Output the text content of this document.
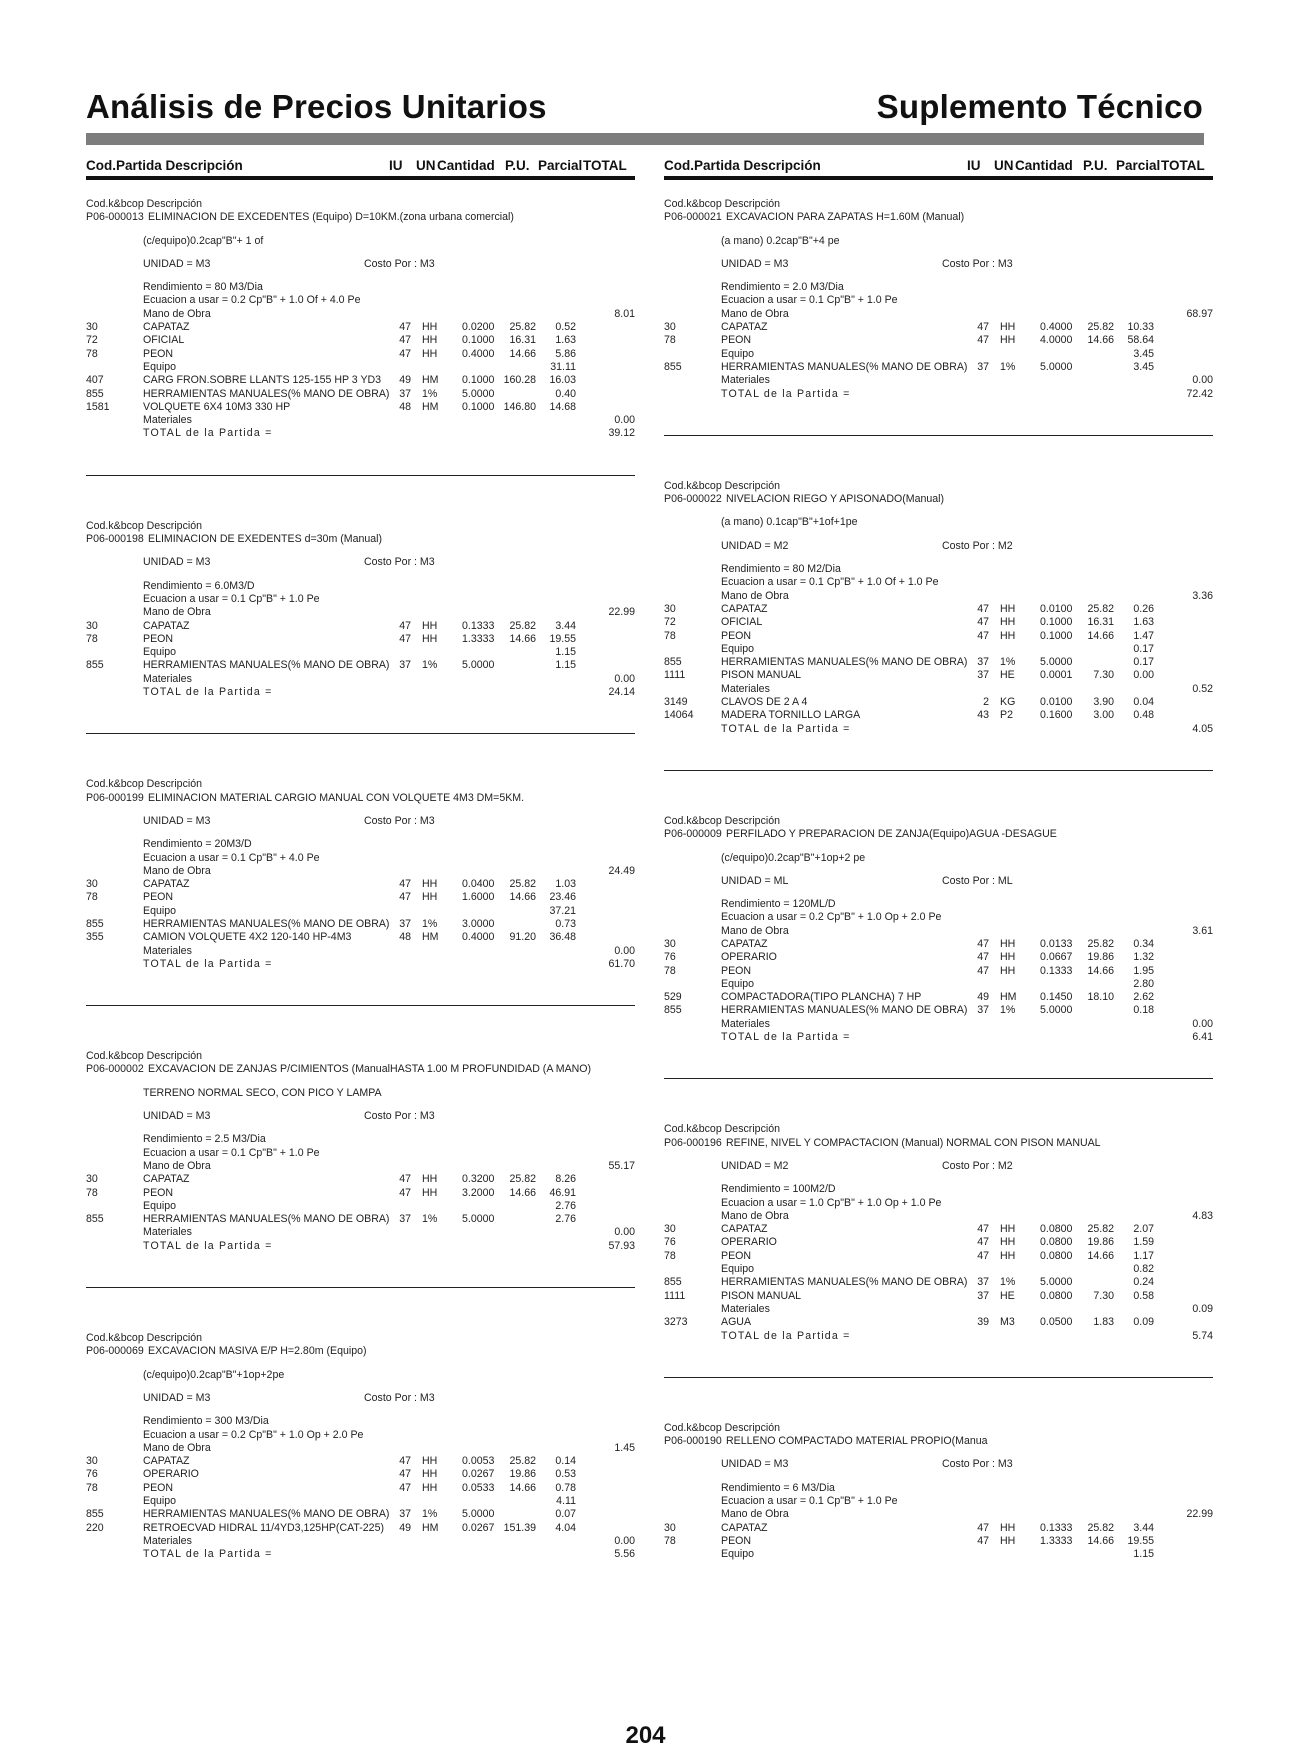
Análisis de Precios Unitarios	Suplemento Técnico
Cod.Partida Descripción	IU UN Cantidad P.U. Parcial TOTAL
Cod.k&bcop Descripción
P06-000013 ELIMINACION DE EXCEDENTES (Equipo) D=10KM.(zona urbana comercial)
(c/equipo)0.2cap"B"+ 1 of
UNIDAD = M3	Costo Por : M3
Rendimiento = 80 M3/Dia
Ecuacion a usar = 0.2 Cp"B" + 1.0 Of + 4.0 Pe
Mano de Obra	8.01
30	CAPATAZ	47 HH 0.0200	25.82	0.52
72	OFICIAL	47 HH 0.1000	16.31	1.63
78	PEON	47 HH 0.4000	14.66	5.86
Equipo	31.11
407	CARG FRON.SOBRE LLANTS 125-155 HP 3 YD3	49 HM 0.1000 160.28	16.03
855	HERRAMIENTAS MANUALES(% MANO DE OBRA) 37 1% 5.0000	0.40
1581	VOLQUETE 6X4 10M3 330 HP	48 HM 0.1000 146.80	14.68
Materiales	0.00
TOTAL de la Partida =	39.12
Cod.k&bcop Descripción
P06-000198 ELIMINACION DE EXEDENTES d=30m (Manual)
UNIDAD = M3	Costo Por : M3
Rendimiento = 6.0M3/D
Ecuacion a usar = 0.1 Cp"B" + 1.0 Pe
Mano de Obra	22.99
30	CAPATAZ	47 HH 0.1333	25.82	3.44
78	PEON	47 HH 1.3333	14.66	19.55
Equipo	1.15
855	HERRAMIENTAS MANUALES(% MANO DE OBRA) 37 1% 5.0000	1.15
Materiales	0.00
TOTAL de la Partida =	24.14
Cod.k&bcop Descripción
P06-000199 ELIMINACION MATERIAL CARGIO MANUAL CON VOLQUETE 4M3 DM=5KM.
UNIDAD = M3	Costo Por : M3
Rendimiento = 20M3/D
Ecuacion a usar = 0.1 Cp"B" + 4.0 Pe
Mano de Obra	24.49
30	CAPATAZ	47 HH 0.0400	25.82	1.03
78	PEON	47 HH 1.6000	14.66	23.46
Equipo	37.21
855	HERRAMIENTAS MANUALES(% MANO DE OBRA) 37 1% 3.0000	0.73
355	CAMION VOLQUETE 4X2 120-140 HP-4M3	48 HM 0.4000	91.20	36.48
Materiales	0.00
TOTAL de la Partida =	61.70
Cod.k&bcop Descripción
P06-000002 EXCAVACION DE ZANJAS P/CIMIENTOS (ManualHASTA 1.00 M PROFUNDIDAD (A MANO)
TERRENO NORMAL SECO, CON PICO Y LAMPA
UNIDAD = M3	Costo Por : M3
Rendimiento = 2.5 M3/Dia
Ecuacion a usar = 0.1 Cp"B" + 1.0 Pe
Mano de Obra	55.17
30	CAPATAZ	47 HH 0.3200	25.82	8.26
78	PEON	47 HH 3.2000	14.66	46.91
Equipo	2.76
855	HERRAMIENTAS MANUALES(% MANO DE OBRA) 37 1% 5.0000	2.76
Materiales	0.00
TOTAL de la Partida =	57.93
Cod.k&bcop Descripción
P06-000069 EXCAVACION MASIVA E/P H=2.80m (Equipo)
(c/equipo)0.2cap"B"+1op+2pe
UNIDAD = M3	Costo Por : M3
Rendimiento = 300 M3/Dia
Ecuacion a usar = 0.2 Cp"B" + 1.0 Op + 2.0 Pe
Mano de Obra	1.45
30	CAPATAZ	47 HH 0.0053	25.82	0.14
76	OPERARIO	47 HH 0.0267	19.86	0.53
78	PEON	47 HH 0.0533	14.66	0.78
Equipo	4.11
855	HERRAMIENTAS MANUALES(% MANO DE OBRA) 37 1% 5.0000	0.07
220	RETROECVAD HIDRAL 11/4YD3,125HP(CAT-225)	49 HM 0.0267 151.39	4.04
Materiales	0.00
TOTAL de la Partida =	5.56
Cod.Partida Descripción	IU UN Cantidad P.U. Parcial TOTAL
Cod.k&bcop Descripción
P06-000021 EXCAVACION PARA ZAPATAS H=1.60M (Manual)
(a mano) 0.2cap"B"+4 pe
UNIDAD = M3	Costo Por : M3
Rendimiento = 2.0 M3/Dia
Ecuacion a usar = 0.1 Cp"B" + 1.0 Pe
Mano de Obra	68.97
30	CAPATAZ	47 HH 0.4000	25.82	10.33
78	PEON	47 HH 4.0000	14.66	58.64
Equipo	3.45
855	HERRAMIENTAS MANUALES(% MANO DE OBRA) 37 1% 5.0000	3.45
Materiales	0.00
TOTAL de la Partida =	72.42
Cod.k&bcop Descripción
P06-000022 NIVELACION RIEGO Y APISONADO(Manual)
(a mano) 0.1cap"B"+1of+1pe
UNIDAD = M2	Costo Por : M2
Rendimiento = 80 M2/Dia
Ecuacion a usar = 0.1 Cp"B" + 1.0 Of + 1.0 Pe
Mano de Obra	3.36
30	CAPATAZ	47 HH 0.0100	25.82	0.26
72	OFICIAL	47 HH 0.1000	16.31	1.63
78	PEON	47 HH 0.1000	14.66	1.47
Equipo	0.17
855	HERRAMIENTAS MANUALES(% MANO DE OBRA) 37 1% 5.0000	0.17
1111	PISON MANUAL	37 HE 0.0001	7.30	0.00
Materiales	0.52
3149	CLAVOS DE 2 A 4	2 KG 0.0100	3.90	0.04
14064	MADERA TORNILLO LARGA	43 P2	0.1600	3.00	0.48
TOTAL de la Partida =	4.05
Cod.k&bcop Descripción
P06-000009 PERFILADO Y PREPARACION DE ZANJA(Equipo)AGUA -DESAGUE
(c/equipo)0.2cap"B"+1op+2 pe
UNIDAD = ML	Costo Por : ML
Rendimiento = 120ML/D
Ecuacion a usar = 0.2 Cp"B" + 1.0 Op + 2.0 Pe
Mano de Obra	3.61
30	CAPATAZ	47 HH 0.0133	25.82	0.34
76	OPERARIO	47 HH 0.0667	19.86	1.32
78	PEON	47 HH 0.1333	14.66	1.95
Equipo	2.80
529	COMPACTADORA(TIPO PLANCHA) 7 HP	49 HM 0.1450	18.10	2.62
855	HERRAMIENTAS MANUALES(% MANO DE OBRA) 37 1% 5.0000	0.18
Materiales	0.00
TOTAL de la Partida =	6.41
Cod.k&bcop Descripción
P06-000196 REFINE, NIVEL Y COMPACTACION (Manual) NORMAL CON PISON MANUAL
UNIDAD = M2	Costo Por : M2
Rendimiento = 100M2/D
Ecuacion a usar = 1.0 Cp"B" + 1.0 Op + 1.0 Pe
Mano de Obra	4.83
30	CAPATAZ	47 HH 0.0800	25.82	2.07
76	OPERARIO	47 HH 0.0800	19.86	1.59
78	PEON	47 HH 0.0800	14.66	1.17
Equipo	0.82
855	HERRAMIENTAS MANUALES(% MANO DE OBRA) 37 1% 5.0000	0.24
1111	PISON MANUAL	37 HE 0.0800	7.30	0.58
Materiales	0.09
3273	AGUA	39 M3 0.0500	1.83	0.09
TOTAL de la Partida =	5.74
Cod.k&bcop Descripción
P06-000190 RELLENO COMPACTADO MATERIAL PROPIO(Manua
UNIDAD = M3	Costo Por : M3
Rendimiento = 6 M3/Dia
Ecuacion a usar = 0.1 Cp"B" + 1.0 Pe
Mano de Obra	22.99
30	CAPATAZ	47 HH 0.1333	25.82	3.44
78	PEON	47 HH 1.3333	14.66	19.55
Equipo	1.15
204
